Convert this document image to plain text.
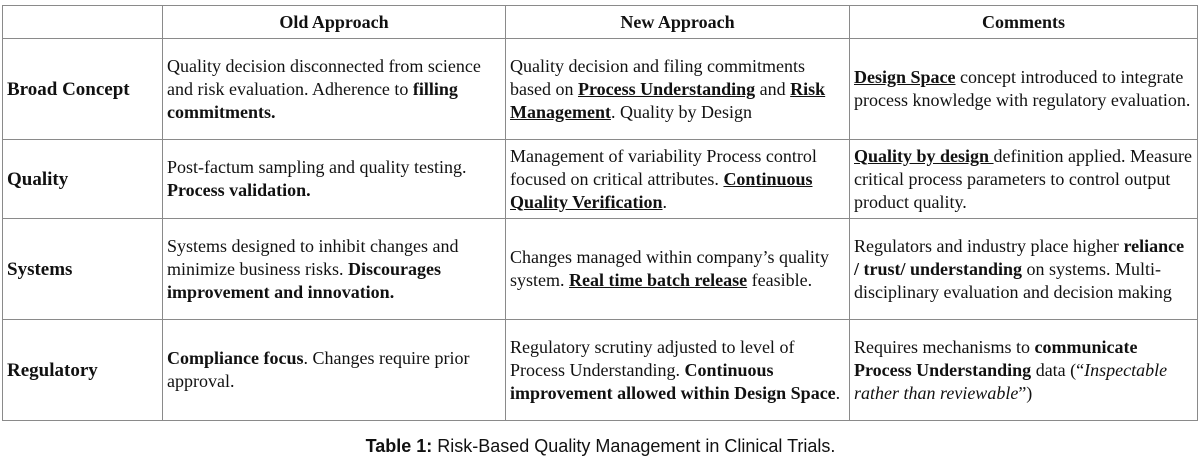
	Old Approach	New Approach	Comments
Broad Concept	Quality decision disconnected from science and risk evaluation. Adherence to filling commitments.	Quality decision and filing commitments based on Process Understanding and Risk Management. Quality by Design	Design Space concept introduced to integrate process knowledge with regulatory evaluation.
Quality	Post-factum sampling and quality testing. Process validation.	Management of variability Process control focused on critical attributes. Continuous Quality Verification.	Quality by design definition applied. Measure critical process parameters to control output product quality.
Systems	Systems designed to inhibit changes and minimize business risks. Discourages improvement and innovation.	Changes managed within company’s quality system. Real time batch release feasible.	Regulators and industry place higher reliance / trust/ understanding on systems. Multi-disciplinary evaluation and decision making
Regulatory	Compliance focus. Changes require prior approval.	Regulatory scrutiny adjusted to level of Process Understanding. Continuous improvement allowed within Design Space.	Requires mechanisms to communicate Process Understanding data (“Inspectable rather than reviewable”)
Table 1: Risk-Based Quality Management in Clinical Trials.
